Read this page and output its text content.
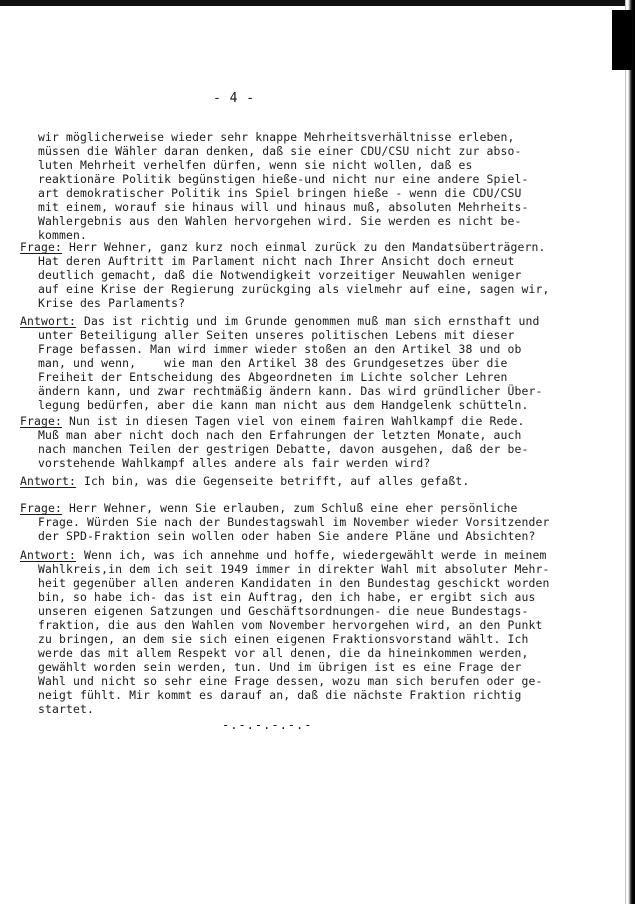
- 4 -
wir möglicherweise wieder sehr knappe Mehrheitsverhältnisse erleben,
müssen die Wähler daran denken, daß sie einer CDU/CSU nicht zur abso-
luten Mehrheit verhelfen dürfen, wenn sie nicht wollen, daß es
reaktionäre Politik begünstigen hieße-und nicht nur eine andere Spiel-
art demokratischer Politik ins Spiel bringen hieße - wenn die CDU/CSU
mit einem, worauf sie hinaus will und hinaus muß, absoluten Mehrheits-
Wahlergebnis aus den Wahlen hervorgehen wird. Sie werden es nicht be-
kommen.
Frage: Herr Wehner, ganz kurz noch einmal zurück zu den Mandatsüberträgern.
Hat deren Auftritt im Parlament nicht nach Ihrer Ansicht doch erneut
deutlich gemacht, daß die Notwendigkeit vorzeitiger Neuwahlen weniger
auf eine Krise der Regierung zurückging als vielmehr auf eine, sagen wir,
Krise des Parlaments?
Antwort: Das ist richtig und im Grunde genommen muß man sich ernsthaft und
unter Beteiligung aller Seiten unseres politischen Lebens mit dieser
Frage befassen. Man wird immer wieder stoßen an den Artikel 38 und ob
man, und wenn,    wie man den Artikel 38 des Grundgesetzes über die
Freiheit der Entscheidung des Abgeordneten im Lichte solcher Lehren
ändern kann, und zwar rechtmäßig ändern kann. Das wird gründlicher Über-
legung bedürfen, aber die kann man nicht aus dem Handgelenk schütteln.
Frage: Nun ist in diesen Tagen viel von einem fairen Wahlkampf die Rede.
Muß man aber nicht doch nach den Erfahrungen der letzten Monate, auch
nach manchen Teilen der gestrigen Debatte, davon ausgehen, daß der be-
vorstehende Wahlkampf alles andere als fair werden wird?
Antwort: Ich bin, was die Gegenseite betrifft, auf alles gefaßt.
Frage: Herr Wehner, wenn Sie erlauben, zum Schluß eine eher persönliche
Frage. Würden Sie nach der Bundestagswahl im November wieder Vorsitzender
der SPD-Fraktion sein wollen oder haben Sie andere Pläne und Absichten?
Antwort: Wenn ich, was ich annehme und hoffe, wiedergewählt werde in meinem
Wahlkreis,in dem ich seit 1949 immer in direkter Wahl mit absoluter Mehr-
heit gegenüber allen anderen Kandidaten in den Bundestag geschickt worden
bin, so habe ich- das ist ein Auftrag, den ich habe, er ergibt sich aus
unseren eigenen Satzungen und Geschäftsordnungen- die neue Bundestags-
fraktion, die aus den Wahlen vom November hervorgehen wird, an den Punkt
zu bringen, an dem sie sich einen eigenen Fraktionsvorstand wählt. Ich
werde das mit allem Respekt vor all denen, die da hineinkommen werden,
gewählt worden sein werden, tun. Und im übrigen ist es eine Frage der
Wahl und nicht so sehr eine Frage dessen, wozu man sich berufen oder ge-
neigt fühlt. Mir kommt es darauf an, daß die nächste Fraktion richtig
startet.
-.-.-.-.-.-
